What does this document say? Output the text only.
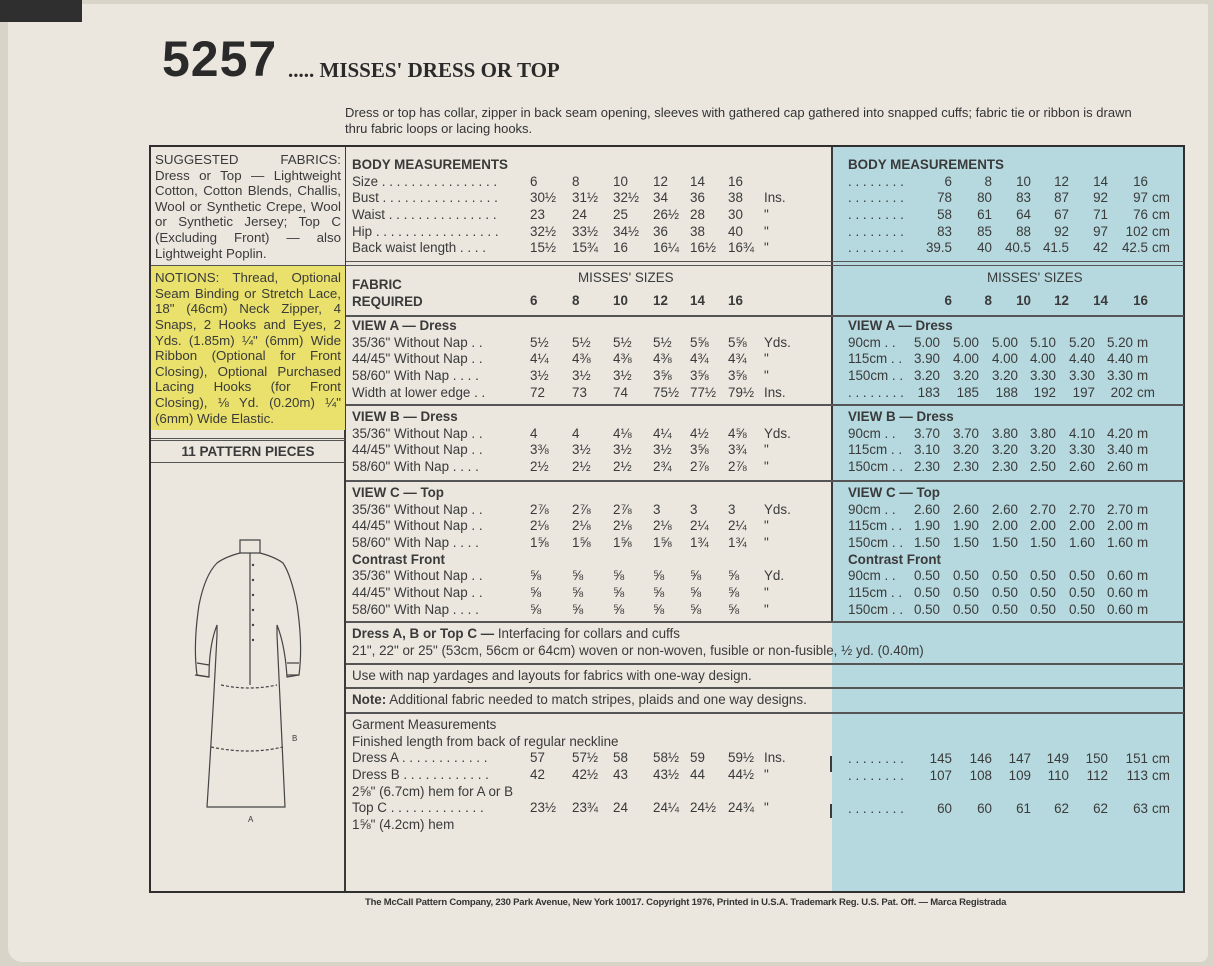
5257 ..... MISSES' DRESS OR TOP
Dress or top has collar, zipper in back seam opening, sleeves with gathered cap gathered into snapped cuffs; fabric tie or ribbon is drawn thru fabric loops or lacing hooks.
SUGGESTED FABRICS: Dress or Top — Lightweight Cotton, Cotton Blends, Challis, Wool or Synthetic Crepe, Wool or Synthetic Jersey; Top C (Excluding Front) — also Lightweight Poplin.
NOTIONS: Thread, Optional Seam Binding or Stretch Lace, 18" (46cm) Neck Zipper, 4 Snaps, 2 Hooks and Eyes, 2 Yds. (1.85m) ¼" (6mm) Wide Ribbon (Optional for Front Closing), Optional Purchased Lacing Hooks (for Front Closing), ⅛ Yd. (0.20m) ¼" (6mm) Wide Elastic.
11 PATTERN PIECES
B
A
BODY MEASUREMENTS
Size . . . . . . . . . . . . . . . .	6	8	10	12	14	16
Bust . . . . . . . . . . . . . . . .	30½	31½	32½	34	36	38	Ins.
Waist . . . . . . . . . . . . . . .	23	24	25	26½ 28	30	"
Hip . . . . . . . . . . . . . . . . .	32½	33½	34½	36	38	40	"
Back waist length . . . .	15½	15¾	16	16¼ 16½ 16¾ "
FABRIC
REQUIRED
MISSES' SIZES
6	8	10	12	14	16
VIEW A — Dress
35/36" Without Nap . .	5½	5½	5½	5½	5⅝	5⅝	Yds.
44/45" Without Nap . .	4¼	4⅜	4⅜	4⅜	4¾	4¾	"
58/60" With Nap . . . .	3½	3½	3½	3⅝	3⅝	3⅝	"
Width at lower edge . .	72	73	74	75½ 77½ 79½ Ins.
VIEW B — Dress
35/36" Without Nap . .	4	4	4⅛	4¼	4½	4⅝	Yds.
44/45" Without Nap . .	3⅜	3½	3½	3½	3⅝	3¾	"
58/60" With Nap . . . .	2½	2½	2½	2¾	2⅞	2⅞	"
VIEW C — Top
35/36" Without Nap . .	2⅞	2⅞	2⅞	3	3	3	Yds.
44/45" Without Nap . .	2⅛	2⅛	2⅛	2⅛	2¼	2¼	"
58/60" With Nap . . . .	1⅝	1⅝	1⅝	1⅝	1¾	1¾	"
Contrast Front
35/36" Without Nap . .	⅝	⅝	⅝	⅝	⅝	⅝	Yd.
44/45" Without Nap . .	⅝	⅝	⅝	⅝	⅝	⅝	"
58/60" With Nap . . . .	⅝	⅝	⅝	⅝	⅝	⅝	"
Dress A, B or Top C — Interfacing for collars and cuffs
21", 22" or 25" (53cm, 56cm or 64cm) woven or non-woven, fusible or non-fusible, ½ yd. (0.40m)
Use with nap yardages and layouts for fabrics with one-way design.
Note: Additional fabric needed to match stripes, plaids and one way designs.
Garment Measurements
Finished length from back of regular neckline
Dress A . . . . . . . . . . . .	57	57½	58	58½ 59	59½ Ins.
Dress B . . . . . . . . . . . .	42	42½	43	43½ 44	44½ "
2⅝" (6.7cm) hem for A or B
Top C . . . . . . . . . . . . .	23½	23¾	24	24¼ 24½ 24¾ "
1⅝" (4.2cm) hem
BODY MEASUREMENTS
. . . . . . . .	6	8	10	12	14	16
. . . . . . . .	78	80	83	87	92	97 cm
. . . . . . . .	58	61	64	67	71	76 cm
. . . . . . . .	83	85	88	92	97	102 cm
. . . . . . . .	39.5	40 40.5 41.5	42	42.5 cm
MISSES' SIZES
6	8	10	12	14	16
VIEW A — Dress
90cm . .	5.00 5.00 5.00 5.10 5.20 5.20 m
115cm . . 3.90 4.00 4.00 4.00 4.40 4.40 m
150cm . . 3.20 3.20 3.20 3.30 3.30 3.30 m
. . . . . . . .	183	185	188	192	197	202 cm
VIEW B — Dress
90cm . .	3.70 3.70 3.80 3.80 4.10 4.20 m
115cm . . 3.10 3.20 3.20 3.20 3.30 3.40 m
150cm . . 2.30 2.30 2.30 2.50 2.60 2.60 m
VIEW C — Top
90cm . .	2.60 2.60 2.60 2.70 2.70 2.70 m
115cm . . 1.90 1.90 2.00 2.00 2.00 2.00 m
150cm . . 1.50 1.50 1.50 1.50 1.60 1.60 m
Contrast Front
90cm . .	0.50 0.50 0.50 0.50 0.50 0.60 m
115cm . . 0.50 0.50 0.50 0.50 0.50 0.60 m
150cm . . 0.50 0.50 0.50 0.50 0.50 0.60 m
. . . . . . . .	145	146	147	149	150	151 cm
. . . . . . . .	107	108	109	110	112	113 cm
. . . . . . . .	60	60	61	62	62	63 cm
The McCall Pattern Company, 230 Park Avenue, New York 10017. Copyright 1976, Printed in U.S.A. Trademark Reg. U.S. Pat. Off. — Marca Registrada
